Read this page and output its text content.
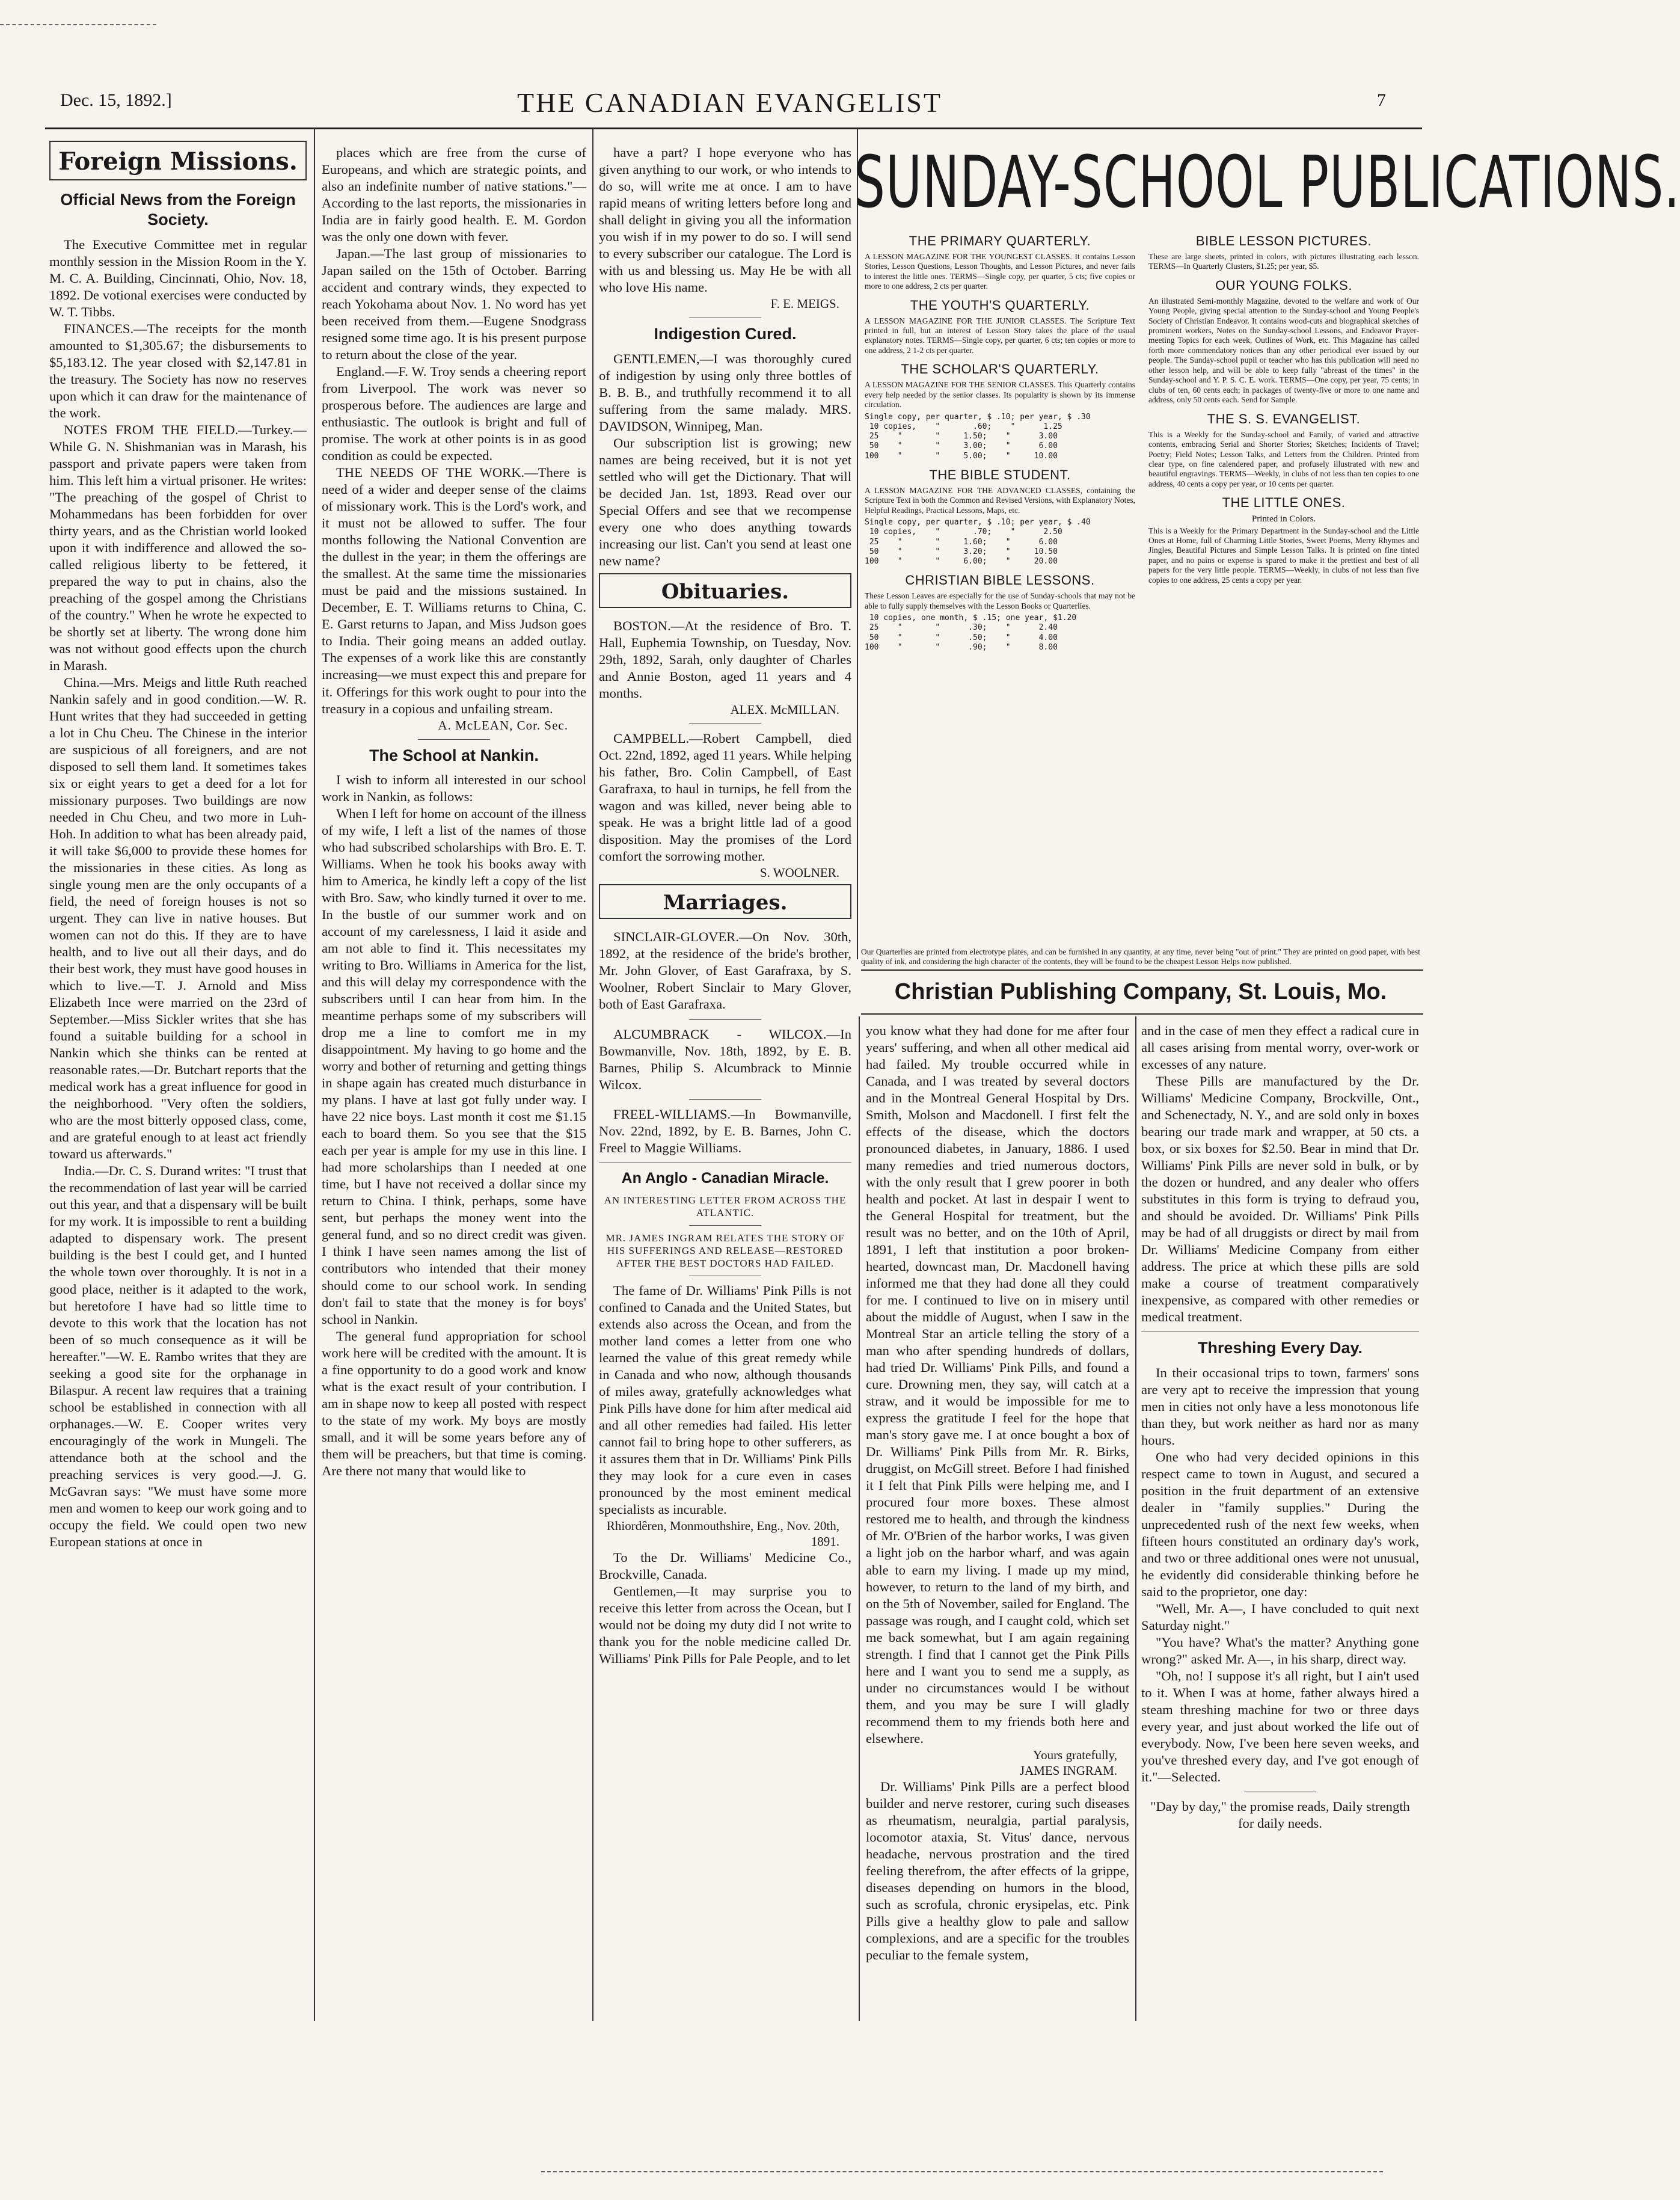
Dec. 15, 1892.]	THE CANADIAN EVANGELIST	7
Foreign Missions.
Official News from the Foreign Society.

The Executive Committee met in regular monthly session in the Mission Room in the Y. M. C. A. Building, Cincinnati, Ohio, Nov. 18, 1892. De votional exercises were conducted by W. T. Tibbs.

FINANCES.—The receipts for the month amounted to $1,305.67; the disbursements to $5,183.12. The year closed with $2,147.81 in the treasury. The Society has now no reserves upon which it can draw for the maintenance of the work.

NOTES FROM THE FIELD.—Turkey.—While G. N. Shishmanian was in Marash, his passport and private papers were taken from him. This left him a virtual prisoner. He writes: "The preaching of the gospel of Christ to Mohammedans has been forbidden for over thirty years, and as the Christian world looked upon it with indifference and allowed the so-called religious liberty to be fettered, it prepared the way to put in chains, also the preaching of the gospel among the Christians of the country." When he wrote he expected to be shortly set at liberty. The wrong done him was not without good effects upon the church in Marash.

China.—Mrs. Meigs and little Ruth reached Nankin safely and in good condition.—W. R. Hunt writes that they had succeeded in getting a lot in Chu Cheu. The Chinese in the interior are suspicious of all foreigners, and are not disposed to sell them land. It sometimes takes six or eight years to get a deed for a lot for missionary purposes. Two buildings are now needed in Chu Cheu, and two more in Luh-Hoh. In addition to what has been already paid, it will take $6,000 to provide these homes for the missionaries in these cities. As long as single young men are the only occupants of a field, the need of foreign houses is not so urgent. They can live in native houses. But women can not do this. If they are to have health, and to live out all their days, and do their best work, they must have good houses in which to live.—T. J. Arnold and Miss Elizabeth Ince were married on the 23rd of September.—Miss Sickler writes that she has found a suitable building for a school in Nankin which she thinks can be rented at reasonable rates.—Dr. Butchart reports that the medical work has a great influence for good in the neighborhood. "Very often the soldiers, who are the most bitterly opposed class, come, and are grateful enough to at least act friendly toward us afterwards."

India.—Dr. C. S. Durand writes: "I trust that the recommendation of last year will be carried out this year, and that a dispensary will be built for my work. It is impossible to rent a building adapted to dispensary work. The present building is the best I could get, and I hunted the whole town over thoroughly. It is not in a good place, neither is it adapted to the work, but heretofore I have had so little time to devote to this work that the location has not been of so much consequence as it will be hereafter."—W. E. Rambo writes that they are seeking a good site for the orphanage in Bilaspur. A recent law requires that a training school be established in connection with all orphanages.—W. E. Cooper writes very encouragingly of the work in Mungeli. The attendance both at the school and the preaching services is very good.—J. G. McGavran says: "We must have some more men and women to keep our work going and to occupy the field. We could open two new European stations at once in

places which are free from the curse of Europeans, and which are strategic points, and also an indefinite number of native stations."—According to the last reports, the missionaries in India are in fairly good health. E. M. Gordon was the only one down with fever.

Japan.—The last group of missionaries to Japan sailed on the 15th of October. Barring accident and contrary winds, they expected to reach Yokohama about Nov. 1. No word has yet been received from them.—Eugene Snodgrass resigned some time ago. It is his present purpose to return about the close of the year.

England.—F. W. Troy sends a cheering report from Liverpool. The work was never so prosperous before. The audiences are large and enthusiastic. The outlook is bright and full of promise. The work at other points is in as good condition as could be expected.

THE NEEDS OF THE WORK.—There is need of a wider and deeper sense of the claims of missionary work. This is the Lord's work, and it must not be allowed to suffer. The four months following the National Convention are the dullest in the year; in them the offerings are the smallest. At the same time the missionaries must be paid and the missions sustained. In December, E. T. Williams returns to China, C. E. Garst returns to Japan, and Miss Judson goes to India. Their going means an added outlay. The expenses of a work like this are constantly increasing—we must expect this and prepare for it. Offerings for this work ought to pour into the treasury in a copious and unfailing stream.

A. McLEAN, Cor. Sec.
The School at Nankin.

I wish to inform all interested in our school work in Nankin, as follows:

When I left for home on account of the illness of my wife, I left a list of the names of those who had subscribed scholarships with Bro. E. T. Williams. When he took his books away with him to America, he kindly left a copy of the list with Bro. Saw, who kindly turned it over to me. In the bustle of our summer work and on account of my carelessness, I laid it aside and am not able to find it. This necessitates my writing to Bro. Williams in America for the list, and this will delay my correspondence with the subscribers until I can hear from him. In the meantime perhaps some of my subscribers will drop me a line to comfort me in my disappointment. My having to go home and the worry and bother of returning and getting things in shape again has created much disturbance in my plans. I have at last got fully under way. I have 22 nice boys. Last month it cost me $1.15 each to board them. So you see that the $15 each per year is ample for my use in this line. I had more scholarships than I needed at one time, but I have not received a dollar since my return to China. I think, perhaps, some have sent, but perhaps the money went into the general fund, and so no direct credit was given. I think I have seen names among the list of contributors who intended that their money should come to our school work. In sending don't fail to state that the money is for boys' school in Nankin.

The general fund appropriation for school work here will be credited with the amount. It is a fine opportunity to do a good work and know what is the exact result of your contribution. I am in shape now to keep all posted with respect to the state of my work. My boys are mostly small, and it will be some years before any of them will be preachers, but that time is coming. Are there not many that would like to

have a part? I hope everyone who has given anything to our work, or who intends to do so, will write me at once. I am to have rapid means of writing letters before long and shall delight in giving you all the information you wish if in my power to do so. I will send to every subscriber our catalogue. The Lord is with us and blessing us. May He be with all who love His name.

F. E. MEIGS.
Indigestion Cured.

GENTLEMEN,—I was thoroughly cured of indigestion by using only three bottles of B. B. B., and truthfully recommend it to all suffering from the same malady. MRS. DAVIDSON, Winnipeg, Man.

Our subscription list is growing; new names are being received, but it is not yet settled who will get the Dictionary. That will be decided Jan. 1st, 1893. Read over our Special Offers and see that we recompense every one who does anything towards increasing our list. Can't you send at least one new name?

Obituaries.

BOSTON.—At the residence of Bro. T. Hall, Euphemia Township, on Tuesday, Nov. 29th, 1892, Sarah, only daughter of Charles and Annie Boston, aged 11 years and 4 months.

ALEX. McMILLAN.

CAMPBELL.—Robert Campbell, died Oct. 22nd, 1892, aged 11 years. While helping his father, Bro. Colin Campbell, of East Garafraxa, to haul in turnips, he fell from the wagon and was killed, never being able to speak. He was a bright little lad of a good disposition. May the promises of the Lord comfort the sorrowing mother.

S. WOOLNER.
Marriages.

SINCLAIR-GLOVER.—On Nov. 30th, 1892, at the residence of the bride's brother, Mr. John Glover, of East Garafraxa, by S. Woolner, Robert Sinclair to Mary Glover, both of East Garafraxa.

ALCUMBRACK - WILCOX.—In Bowmanville, Nov. 18th, 1892, by E. B. Barnes, Philip S. Alcumbrack to Minnie Wilcox.

FREEL-WILLIAMS.—In Bowmanville, Nov. 22nd, 1892, by E. B. Barnes, John C. Freel to Maggie Williams.

An Anglo - Canadian Miracle.
AN INTERESTING LETTER FROM ACROSS THE ATLANTIC.
MR. JAMES INGRAM RELATES THE STORY OF HIS SUFFERINGS AND RELEASE—RESTORED AFTER THE BEST DOCTORS HAD FAILED.

The fame of Dr. Williams' Pink Pills is not confined to Canada and the United States, but extends also across the Ocean, and from the mother land comes a letter from one who learned the value of this great remedy while in Canada and who now, although thousands of miles away, gratefully acknowledges what Pink Pills have done for him after medical aid and all other remedies had failed. His letter cannot fail to bring hope to other sufferers, as it assures them that in Dr. Williams' Pink Pills they may look for a cure even in cases pronounced by the most eminent medical specialists as incurable.

Rhiordêren, Monmouthshire, Eng., Nov. 20th, 1891.

To the Dr. Williams' Medicine Co., Brockville, Canada.

Gentlemen,—It may surprise you to receive this letter from across the Ocean, but I would not be doing my duty did I not write to thank you for the noble medicine called Dr. Williams' Pink Pills for Pale People, and to let

SUNDAY-SCHOOL PUBLICATIONS.
THE PRIMARY QUARTERLY.

A LESSON MAGAZINE FOR THE YOUNGEST CLASSES. It contains Lesson Stories, Lesson Questions, Lesson Thoughts, and Lesson Pictures, and never fails to interest the little ones. TERMS—Single copy, per quarter, 5 cts; five copies or more to one address, 2 cts per quarter.

THE YOUTH'S QUARTERLY.

A LESSON MAGAZINE FOR THE JUNIOR CLASSES. The Scripture Text printed in full, but an interest of Lesson Story takes the place of the usual explanatory notes. TERMS—Single copy, per quarter, 6 cts; ten copies or more to one address, 2 1-2 cts per quarter.

THE SCHOLAR'S QUARTERLY.

A LESSON MAGAZINE FOR THE SENIOR CLASSES. This Quarterly contains every help needed by the senior classes. Its popularity is shown by its immense circulation.

Single copy, per quarter, $ .10; per year, $ .30
10 copies,    "       .60;    "      1.25
25    "       "     1.50;    "      3.00
50    "       "     3.00;    "      6.00
100    "       "     5.00;    "     10.00
THE BIBLE STUDENT.

A LESSON MAGAZINE FOR THE ADVANCED CLASSES, containing the Scripture Text in both the Common and Revised Versions, with Explanatory Notes, Helpful Readings, Practical Lessons, Maps, etc.

Single copy, per quarter, $ .10; per year, $ .40
10 copies,    "       .70;    "      2.50
25    "       "     1.60;    "      6.00
50    "       "     3.20;    "     10.50
100    "       "     6.00;    "     20.00
CHRISTIAN BIBLE LESSONS.

These Lesson Leaves are especially for the use of Sunday-schools that may not be able to fully supply themselves with the Lesson Books or Quarterlies.

10 copies, one month, $ .15; one year, $1.20
25    "       "      .30;    "      2.40
50    "       "      .50;    "      4.00
100    "       "      .90;    "      8.00
BIBLE LESSON PICTURES.

These are large sheets, printed in colors, with pictures illustrating each lesson. TERMS—In Quarterly Clusters, $1.25; per year, $5.

OUR YOUNG FOLKS.

An illustrated Semi-monthly Magazine, devoted to the welfare and work of Our Young People, giving special attention to the Sunday-school and Young People's Society of Christian Endeavor. It contains wood-cuts and biographical sketches of prominent workers, Notes on the Sunday-school Lessons, and Endeavor Prayer-meeting Topics for each week, Outlines of Work, etc. This Magazine has called forth more commendatory notices than any other periodical ever issued by our people. The Sunday-school pupil or teacher who has this publication will need no other lesson help, and will be able to keep fully "abreast of the times" in the Sunday-school and Y. P. S. C. E. work. TERMS—One copy, per year, 75 cents; in clubs of ten, 60 cents each; in packages of twenty-five or more to one name and address, only 50 cents each. Send for Sample.

THE S. S. EVANGELIST.

This is a Weekly for the Sunday-school and Family, of varied and attractive contents, embracing Serial and Shorter Stories; Sketches; Incidents of Travel; Poetry; Field Notes; Lesson Talks, and Letters from the Children. Printed from clear type, on fine calendered paper, and profusely illustrated with new and beautiful engravings. TERMS—Weekly, in clubs of not less than ten copies to one address, 40 cents a copy per year, or 10 cents per quarter.

THE LITTLE ONES.
Printed in Colors.

This is a Weekly for the Primary Department in the Sunday-school and the Little Ones at Home, full of Charming Little Stories, Sweet Poems, Merry Rhymes and Jingles, Beautiful Pictures and Simple Lesson Talks. It is printed on fine tinted paper, and no pains or expense is spared to make it the prettiest and best of all papers for the very little people. TERMS—Weekly, in clubs of not less than five copies to one address, 25 cents a copy per year.

Our Quarterlies are printed from electrotype plates, and can be furnished in any quantity, at any time, never being "out of print." They are printed on good paper, with best quality of ink, and considering the high character of the contents, they will be found to be the cheapest Lesson Helps now published.
Christian Publishing Company, St. Louis, Mo.

you know what they had done for me after four years' suffering, and when all other medical aid had failed. My trouble occurred while in Canada, and I was treated by several doctors and in the Montreal General Hospital by Drs. Smith, Molson and Macdonell. I first felt the effects of the disease, which the doctors pronounced diabetes, in January, 1886. I used many remedies and tried numerous doctors, with the only result that I grew poorer in both health and pocket. At last in despair I went to the General Hospital for treatment, but the result was no better, and on the 10th of April, 1891, I left that institution a poor broken-hearted, downcast man, Dr. Macdonell having informed me that they had done all they could for me. I continued to live on in misery until about the middle of August, when I saw in the Montreal Star an article telling the story of a man who after spending hundreds of dollars, had tried Dr. Williams' Pink Pills, and found a cure. Drowning men, they say, will catch at a straw, and it would be impossible for me to express the gratitude I feel for the hope that man's story gave me. I at once bought a box of Dr. Williams' Pink Pills from Mr. R. Birks, druggist, on McGill street. Before I had finished it I felt that Pink Pills were helping me, and I procured four more boxes. These almost restored me to health, and through the kindness of Mr. O'Brien of the harbor works, I was given a light job on the harbor wharf, and was again able to earn my living. I made up my mind, however, to return to the land of my birth, and on the 5th of November, sailed for England. The passage was rough, and I caught cold, which set me back somewhat, but I am again regaining strength. I find that I cannot get the Pink Pills here and I want you to send me a supply, as under no circumstances would I be without them, and you may be sure I will gladly recommend them to my friends both here and elsewhere.

Yours gratefully,
JAMES INGRAM.

Dr. Williams' Pink Pills are a perfect blood builder and nerve restorer, curing such diseases as rheumatism, neuralgia, partial paralysis, locomotor ataxia, St. Vitus' dance, nervous headache, nervous prostration and the tired feeling therefrom, the after effects of la grippe, diseases depending on humors in the blood, such as scrofula, chronic erysipelas, etc. Pink Pills give a healthy glow to pale and sallow complexions, and are a specific for the troubles peculiar to the female system,

and in the case of men they effect a radical cure in all cases arising from mental worry, over-work or excesses of any nature.

These Pills are manufactured by the Dr. Williams' Medicine Company, Brockville, Ont., and Schenectady, N. Y., and are sold only in boxes bearing our trade mark and wrapper, at 50 cts. a box, or six boxes for $2.50. Bear in mind that Dr. Williams' Pink Pills are never sold in bulk, or by the dozen or hundred, and any dealer who offers substitutes in this form is trying to defraud you, and should be avoided. Dr. Williams' Pink Pills may be had of all druggists or direct by mail from Dr. Williams' Medicine Company from either address. The price at which these pills are sold make a course of treatment comparatively inexpensive, as compared with other remedies or medical treatment.

Threshing Every Day.

In their occasional trips to town, farmers' sons are very apt to receive the impression that young men in cities not only have a less monotonous life than they, but work neither as hard nor as many hours.

One who had very decided opinions in this respect came to town in August, and secured a position in the fruit department of an extensive dealer in "family supplies." During the unprecedented rush of the next few weeks, when fifteen hours constituted an ordinary day's work, and two or three additional ones were not unusual, he evidently did considerable thinking before he said to the proprietor, one day:

"Well, Mr. A—, I have concluded to quit next Saturday night."

"You have? What's the matter? Anything gone wrong?" asked Mr. A—, in his sharp, direct way.

"Oh, no! I suppose it's all right, but I ain't used to it. When I was at home, father always hired a steam threshing machine for two or three days every year, and just about worked the life out of everybody. Now, I've been here seven weeks, and you've threshed every day, and I've got enough of it."—Selected.

"Day by day," the promise reads, Daily strength for daily needs.
